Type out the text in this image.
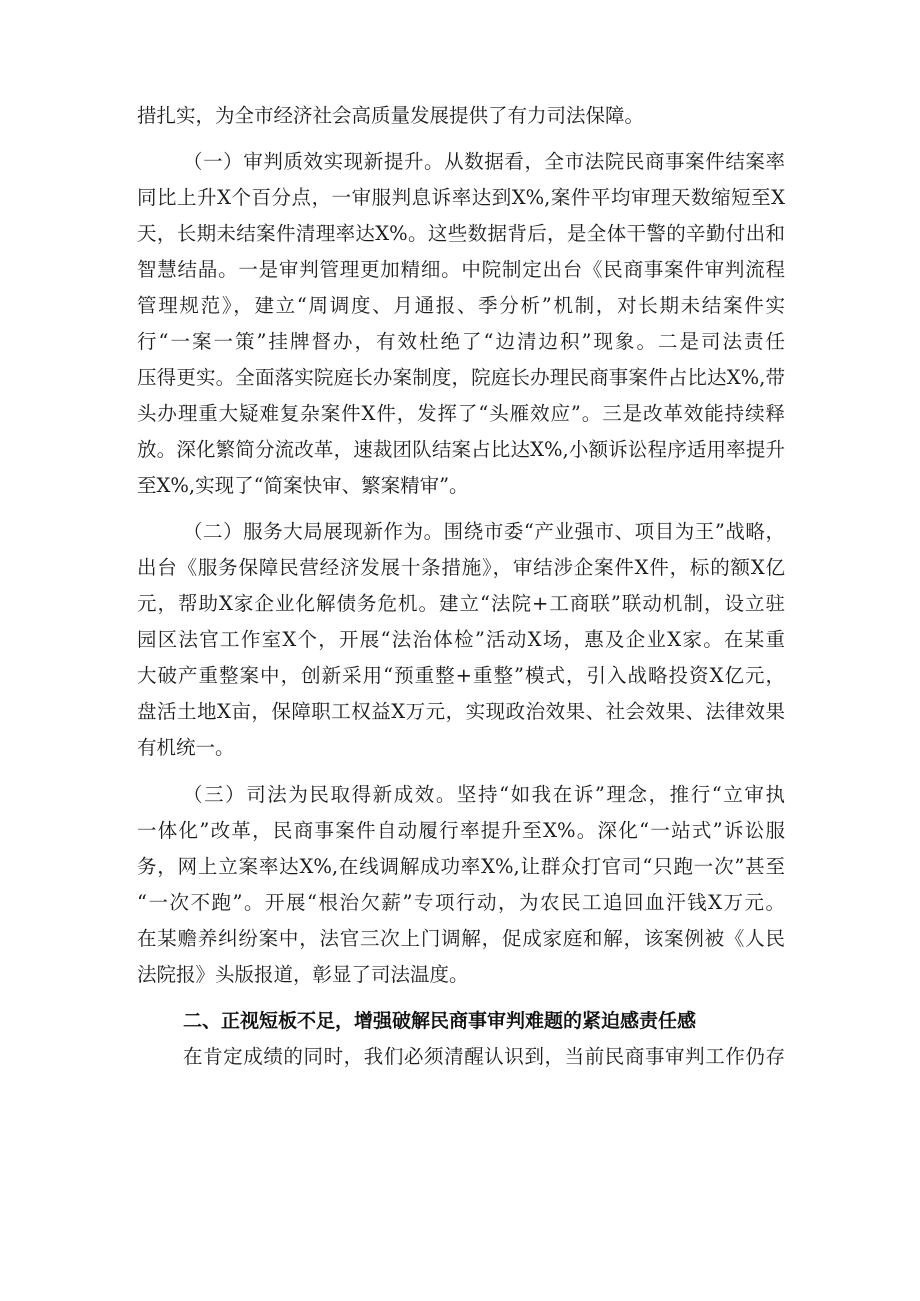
措扎实，为全市经济社会高质量发展提供了有力司法保障。

（一）审判质效实现新提升。从数据看，全市法院民商事案件结案率

同比上升X个百分点，一审服判息诉率达到X%,案件平均审理天数缩短至X

天，长期未结案件清理率达X%。这些数据背后，是全体干警的辛勤付出和

智慧结晶。一是审判管理更加精细。中院制定出台《民商事案件审判流程

管理规范》，建立“周调度、月通报、季分析”机制，对长期未结案件实

行“一案一策”挂牌督办，有效杜绝了“边清边积”现象。二是司法责任

压得更实。全面落实院庭长办案制度，院庭长办理民商事案件占比达X%,带

头办理重大疑难复杂案件X件，发挥了“头雁效应”。三是改革效能持续释

放。深化繁简分流改革，速裁团队结案占比达X%,小额诉讼程序适用率提升

至X%,实现了“简案快审、繁案精审”。

（二）服务大局展现新作为。围绕市委“产业强市、项目为王”战略，

出台《服务保障民营经济发展十条措施》，审结涉企案件X件，标的额X亿

元，帮助X家企业化解债务危机。建立“法院+工商联”联动机制，设立驻

园区法官工作室X个，开展“法治体检”活动X场，惠及企业X家。在某重

大破产重整案中，创新采用“预重整+重整”模式，引入战略投资X亿元，

盘活土地X亩，保障职工权益X万元，实现政治效果、社会效果、法律效果

有机统一。

（三）司法为民取得新成效。坚持“如我在诉”理念，推行“立审执

一体化”改革，民商事案件自动履行率提升至X%。深化“一站式”诉讼服

务，网上立案率达X%,在线调解成功率X%,让群众打官司“只跑一次”甚至

“一次不跑”。开展“根治欠薪”专项行动，为农民工追回血汗钱X万元。

在某赡养纠纷案中，法官三次上门调解，促成家庭和解，该案例被《人民

法院报》头版报道，彰显了司法温度。

二、正视短板不足，增强破解民商事审判难题的紧迫感责任感

在肯定成绩的同时，我们必须清醒认识到，当前民商事审判工作仍存
